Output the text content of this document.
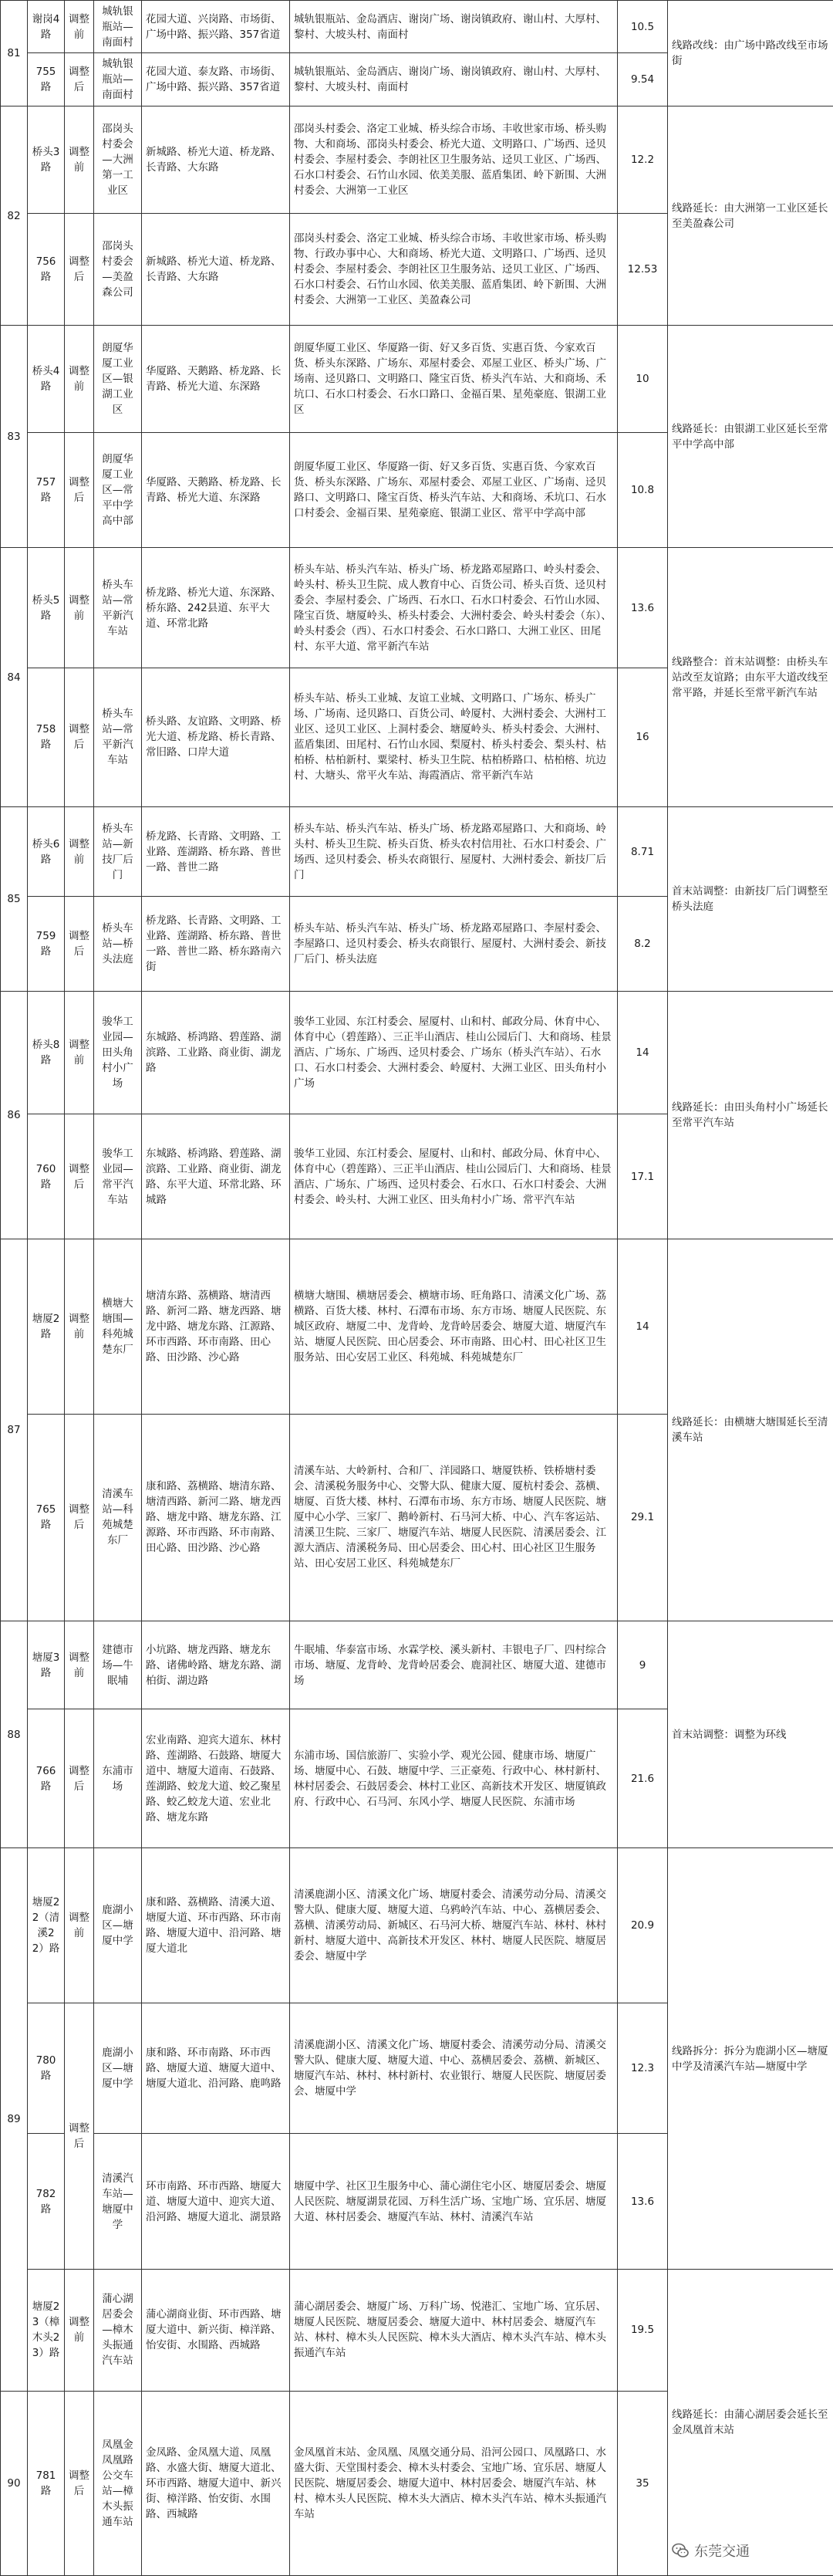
81	谢岗4路	调整前	城轨银瓶站—南面村	花园大道、兴岗路、市场街、广场中路、振兴路、357省道	城轨银瓶站、金岛酒店、谢岗广场、谢岗镇政府、谢山村、大厚村、黎村、大坡头村、南面村	10.5	线路改线：由广场中路改线至市场街
	755路	调整后	城轨银瓶站—南面村	花园大道、泰友路、市场街、广场中路、振兴路、357省道	城轨银瓶站、金岛酒店、谢岗广场、谢岗镇政府、谢山村、大厚村、黎村、大坡头村、南面村	9.54	
82	桥头3路	调整前	邵岗头村委会—大洲第一工业区	新城路、桥光大道、桥龙路、长青路、大东路	邵岗头村委会、洛定工业城、桥头综合市场、丰收世家市场、桥头购物、大和商场、邵岗头村委会、桥光大道、文明路口、广场西、迳贝村委会、李屋村委会、李朗社区卫生服务站、迳贝工业区、广场西、石水口村委会、石竹山水园、依美美服、蓝盾集团、岭下新围、大洲村委会、大洲第一工业区	12.2	线路延长：由大洲第一工业区延长至美盈森公司
	756路	调整后	邵岗头村委会—美盈森公司	新城路、桥光大道、桥龙路、长青路、大东路	邵岗头村委会、洛定工业城、桥头综合市场、丰收世家市场、桥头购物、行政办事中心、大和商场、桥光大道、文明路口、广场西、迳贝村委会、李屋村委会、李朗社区卫生服务站、迳贝工业区、广场西、石水口村委会、石竹山水园、依美美服、蓝盾集团、岭下新围、大洲村委会、大洲第一工业区、美盈森公司	12.53	
83	桥头4路	调整前	朗厦华厦工业区—银湖工业区	华厦路、天鹅路、桥龙路、长青路、桥光大道、东深路	朗厦华厦工业区、华厦路一街、好又多百货、实惠百货、今家欢百货、桥头东深路、广场东、邓屋村委会、邓屋工业区、桥头广场、广场南、迳贝路口、文明路口、隆宝百货、桥头汽车站、大和商场、禾坑口、石水口村委会、石水口路口、金福百果、星苑豪庭、银湖工业区	10	线路延长：由银湖工业区延长至常平中学高中部
	757路	调整后	朗厦华厦工业区—常平中学高中部	华厦路、天鹅路、桥龙路、长青路、桥光大道、东深路	朗厦华厦工业区、华厦路一街、好又多百货、实惠百货、今家欢百货、桥头东深路、广场东、邓屋村委会、邓屋工业区、广场南、迳贝路口、文明路口、隆宝百货、桥头汽车站、大和商场、禾坑口、石水口村委会、金福百果、星苑豪庭、银湖工业区、常平中学高中部	10.8	
84	桥头5路	调整前	桥头车站—常平新汽车站	桥龙路、桥光大道、东深路、桥东路、242县道、东平大道、环常北路	桥头车站、桥头汽车站、桥头广场、桥龙路邓屋路口、岭头村委会、岭头村、桥头卫生院、成人教育中心、百货公司、桥头百货、迳贝村委会、李屋村委会、广场西、石水口、石水口村委会、石竹山水园、隆宝百货、塘厦岭头、桥头村委会、大洲村委会、岭头村委会（东）、岭头村委会（西）、石水口村委会、石水口路口、大洲工业区、田尾村、东平大道、常平新汽车站	13.6	线路整合：首末站调整：由桥头车站改至友谊路；由东平大道改线至常平路，并延长至常平新汽车站
	758路	调整后	桥头车站—常平新汽车站	桥头路、友谊路、文明路、桥光大道、桥龙路、桥长青路、常旧路、口岸大道	桥头车站、桥头工业城、友谊工业城、文明路口、广场东、桥头广场、广场南、迳贝路口、百货公司、岭厦村、大洲村委会、大洲村工业区、迳贝工业区、上洞村委会、塘厦岭头、桥头村委会、大洲村、蓝盾集团、田尾村、石竹山水园、梨厦村、桥头村委会、梨头村、枯柏桥、枯柏新村、粟梁村、桥头卫生院、枯柏桥路口、枯柏榕、坑边村、大塘头、常平火车站、海霞酒店、常平新汽车站	16	
85	桥头6路	调整前	桥头车站—新技厂后门	桥龙路、长青路、文明路、工业路、莲湖路、桥东路、普世一路、普世二路	桥头车站、桥头汽车站、桥头广场、桥龙路邓屋路口、大和商场、岭头村、桥头卫生院、桥头百货、桥头农村信用社、石水口村委会、广场西、迳贝村委会、桥头农商银行、屋厦村、大洲村委会、新技厂后门	8.71	首末站调整：由新技厂后门调整至桥头法庭
	759路	调整后	桥头车站—桥头法庭	桥龙路、长青路、文明路、工业路、莲湖路、桥东路、普世一路、普世二路、桥东路南六街	桥头车站、桥头汽车站、桥头广场、桥龙路邓屋路口、李屋村委会、李屋路口、迳贝村委会、桥头农商银行、屋厦村、大洲村委会、新技厂后门、桥头法庭	8.2	
86	桥头8路	调整前	骏华工业园—田头角村小广场	东城路、桥鸿路、碧莲路、湖滨路、工业路、商业街、湖龙路	骏华工业园、东江村委会、屋厦村、山和村、邮政分局、休育中心、体育中心（碧莲路）、三正半山酒店、桂山公园后门、大和商场、桂景酒店、广场东、广场西、迳贝村委会、广场东（桥头汽车站）、石水口、石水口村委会、大洲村委会、岭厦村、大洲工业区、田头角村小广场	14	线路延长：由田头角村小广场延长至常平汽车站
	760路	调整后	骏华工业园—常平汽车站	东城路、桥鸿路、碧莲路、湖滨路、工业路、商业街、湖龙路、东平大道、环常北路、环城路	骏华工业园、东江村委会、屋厦村、山和村、邮政分局、休育中心、体育中心（碧莲路）、三正半山酒店、桂山公园后门、大和商场、桂景酒店、广场东、广场西、迳贝村委会、石水口、石水口村委会、大洲村委会、岭头村、大洲工业区、田头角村小广场、常平汽车站	17.1	
87	塘厦2路	调整前	横塘大塘围—科苑城楚东厂	塘清东路、荔横路、塘清西路、新河二路、塘龙西路、塘龙中路、塘龙东路、江源路、环市西路、环市南路、田心路、田沙路、沙心路	横塘大塘围、横塘居委会、横塘市场、旺角路口、清溪文化广场、荔横路、百货大楼、林村、石潭布市场、东方市场、塘厦人民医院、东城区政府、塘厦二中、龙背岭、龙背岭居委会、塘厦大道、塘厦汽车站、塘厦人民医院、田心居委会、环市南路、田心村、田心社区卫生服务站、田心安居工业区、科苑城、科苑城楚东厂	14	线路延长：由横塘大塘围延长至清溪车站
	765路	调整后	清溪车站—科苑城楚东厂	康和路、荔横路、塘清东路、塘清西路、新河二路、塘龙西路、塘龙中路、塘龙东路、江源路、环市西路、环市南路、田心路、田沙路、沙心路	清溪车站、大岭新村、合和厂、洋园路口、塘厦铁桥、铁桥塘村委会、清溪税务服务中心、交警大队、健康大厦、厦杭村委会、荔横、塘厦、百货大楼、林村、石潭布市场、东方市场、塘厦人民医院、塘厦中心小学、三家厂、鹅岭新村、石马河大桥、中心、汽车客运站、清溪卫生院、三家厂、塘厦汽车站、塘厦人民医院、清溪居委会、江源大酒店、清溪税务局、田心居委会、田心村、田心社区卫生服务站、田心安居工业区、科苑城楚东厂	29.1	
88	塘厦3路	调整前	建德市场—牛眠埔	小坑路、塘龙西路、塘龙东路、诸佛岭路、塘龙东路、湖柏街、湖边路	牛眠埔、华泰富市场、水霖学校、溪头新村、丰银电子厂、四村综合市场、塘厦、龙背岭、龙背岭居委会、鹿洞社区、塘厦大道、建德市场	9	首末站调整：调整为环线
	766路	调整后	东浦市场	宏业南路、迎宾大道东、林村路、莲湖路、石鼓路、塘厦大道中、塘厦大道南、石鼓路、莲湖路、蛟龙大道、蛟乙聚星路、蛟乙蛟龙大道、宏业北路、塘龙东路	东浦市场、国信旅游厂、实验小学、观光公园、健康市场、塘厦广场、塘厦中心、石鼓、塘厦中学、三正豪苑、行政中心、林村新村、林村居委会、石鼓居委会、林村工业区、高新技术开发区、塘厦镇政府、行政中心、石马河、东风小学、塘厦人民医院、东浦市场	21.6	
89	塘厦22（清溪22）路	调整前	鹿湖小区—塘厦中学	康和路、荔横路、清溪大道、塘厦大道、环市西路、环市南路、塘厦大道中、沿河路、塘厦大道北	清溪鹿湖小区、清溪文化广场、塘厦村委会、清溪劳动分局、清溪交警大队、健康大厦、塘厦大道、乌鸦岭汽车站、中心、荔横居委会、荔横、清溪劳动局、新城区、石马河大桥、塘厦汽车站、林村、林村新村、塘厦大道中、高新技术开发区、林村、塘厦人民医院、塘厦居委会、塘厦中学	20.9	线路拆分：拆分为鹿湖小区—塘厦中学及清溪汽车站—塘厦中学
	780路	调整后	鹿湖小区—塘厦中学	康和路、环市南路、环市西路、塘厦大道、塘厦大道中、塘厦大道北、沿河路、鹿鸣路	清溪鹿湖小区、清溪文化广场、塘厦村委会、清溪劳动分局、清溪交警大队、健康大厦、塘厦大道、中心、荔横居委会、荔横、新城区、塘厦汽车站、林村、林村新村、农业银行、塘厦人民医院、塘厦居委会、塘厦中学	12.3	
	782路		清溪汽车站—塘厦中学	环市南路、环市西路、塘厦大道、塘厦大道中、迎宾大道、沿河路、塘厦大道北、湖景路	塘厦中学、社区卫生服务中心、蒲心湖住宅小区、塘厦居委会、塘厦人民医院、塘厦湖景花园、万科生活广场、宝地广场、宜乐居、塘厦大道、林村居委会、塘厦汽车站、林村、清溪汽车站	13.6	
	塘厦23（樟木头23）路	调整前	蒲心湖居委会—樟木头振通汽车站	蒲心湖商业街、环市西路、塘厦大道中、新兴街、樟洋路、怡安街、水围路、西城路	蒲心湖居委会、塘厦广场、万科广场、悦港汇、宝地广场、宜乐居、塘厦人民医院、塘厦居委会、塘厦大道中、林村居委会、塘厦汽车站、林村、樟木头人民医院、樟木头大酒店、樟木头汽车站、樟木头振通汽车站	19.5	线路延长：由蒲心湖居委会延长至金凤凰首末站
90	781路	调整后	凤凰金凤凰路公交车站—樟木头振通车站	金凤路、金凤凰大道、凤凰路、水盛大街、塘厦大道北、环市西路、塘厦大道中、新兴街、樟洋路、怡安街、水围路、西城路	金凤凰首末站、金凤凰、凤凰交通分局、沿河公园口、凤凰路口、水盛大街、天堂围村委会、樟木头村委会、宝地广场、宜乐居、塘厦人民医院、塘厦居委会、塘厦大道中、林村居委会、塘厦汽车站、林村、樟木头人民医院、樟木头大酒店、樟木头汽车站、樟木头振通汽车站	35	
东莞交通
